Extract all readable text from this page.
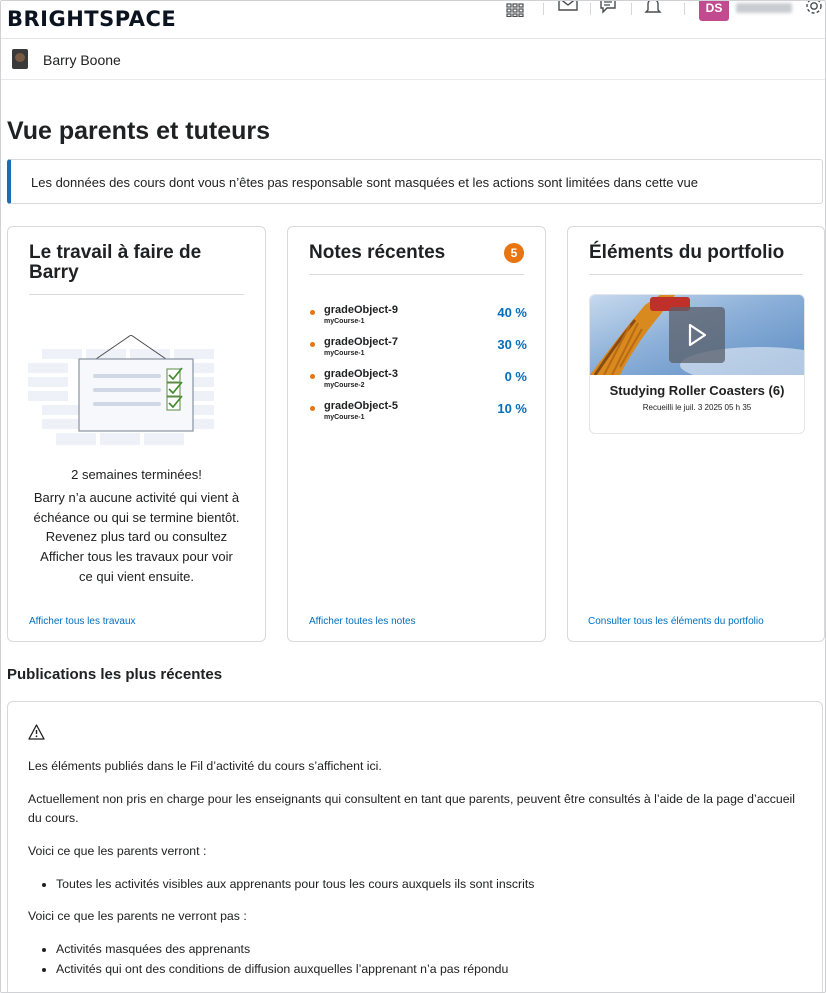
BRIGHTSPACE	DS
Barry Boone
Vue parents et tuteurs
Les données des cours dont vous n’êtes pas responsable sont masquées et les actions sont limitées dans cette vue
Le travail à faire de
Barry
2 semaines terminées!
Barry n’a aucune activité qui vient à
échéance ou qui se termine bientôt.
Revenez plus tard ou consultez
Afficher tous les travaux pour voir
ce qui vient ensuite.
Afficher tous les travaux
Notes récentes	5
gradeObject-9
myCourse-1
40 %
gradeObject-7
myCourse-1
30 %
gradeObject-3
myCourse-2
0 %
gradeObject-5
myCourse-1
10 %
Afficher toutes les notes
Éléments du portfolio
Studying Roller Coasters (6)
Recueilli le juil. 3 2025 05 h 35
Consulter tous les éléments du portfolio
Publications les plus récentes

Les éléments publiés dans le Fil d’activité du cours s’affichent ici.

Actuellement non pris en charge pour les enseignants qui consultent en tant que parents, peuvent être consultés à l’aide de la page d’accueil du cours.

Voici ce que les parents verront :

• Toutes les activités visibles aux apprenants pour tous les cours auxquels ils sont inscrits

Voici ce que les parents ne verront pas :

• Activités masquées des apprenants
• Activités qui ont des conditions de diffusion auxquelles l’apprenant n’a pas répondu
